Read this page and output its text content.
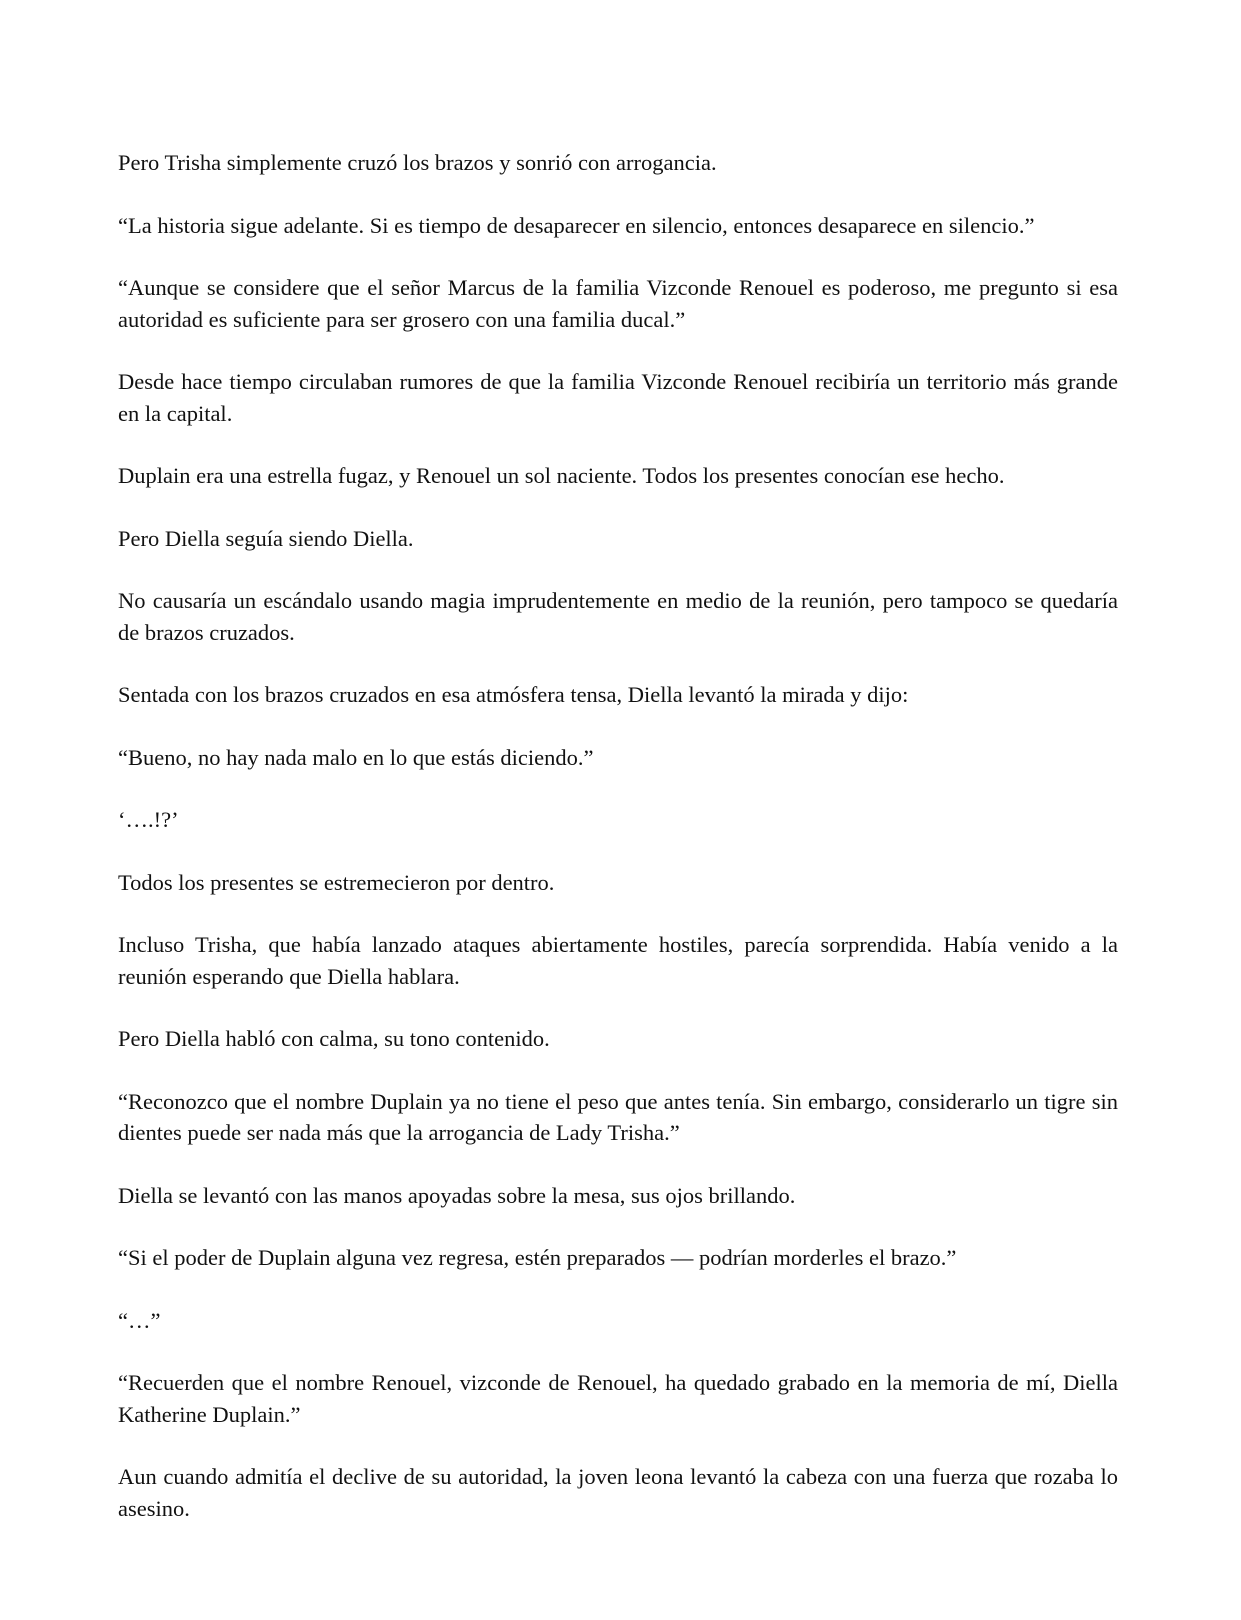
Pero Trisha simplemente cruzó los brazos y sonrió con arrogancia.

“La historia sigue adelante. Si es tiempo de desaparecer en silencio, entonces desaparece en silencio.”

“Aunque se considere que el señor Marcus de la familia Vizconde Renouel es poderoso, me pregunto si esa autoridad es suficiente para ser grosero con una familia ducal.”

Desde hace tiempo circulaban rumores de que la familia Vizconde Renouel recibiría un territorio más grande en la capital.

Duplain era una estrella fugaz, y Renouel un sol naciente. Todos los presentes conocían ese hecho.

Pero Diella seguía siendo Diella.

No causaría un escándalo usando magia imprudentemente en medio de la reunión, pero tampoco se quedaría de brazos cruzados.

Sentada con los brazos cruzados en esa atmósfera tensa, Diella levantó la mirada y dijo:

“Bueno, no hay nada malo en lo que estás diciendo.”

‘….!?’

Todos los presentes se estremecieron por dentro.

Incluso Trisha, que había lanzado ataques abiertamente hostiles, parecía sorprendida. Había venido a la reunión esperando que Diella hablara.

Pero Diella habló con calma, su tono contenido.

“Reconozco que el nombre Duplain ya no tiene el peso que antes tenía. Sin embargo, considerarlo un tigre sin dientes puede ser nada más que la arrogancia de Lady Trisha.”

Diella se levantó con las manos apoyadas sobre la mesa, sus ojos brillando.

“Si el poder de Duplain alguna vez regresa, estén preparados — podrían morderles el brazo.”

“…”

“Recuerden que el nombre Renouel, vizconde de Renouel, ha quedado grabado en la memoria de mí, Diella Katherine Duplain.”

Aun cuando admitía el declive de su autoridad, la joven leona levantó la cabeza con una fuerza que rozaba lo asesino.
